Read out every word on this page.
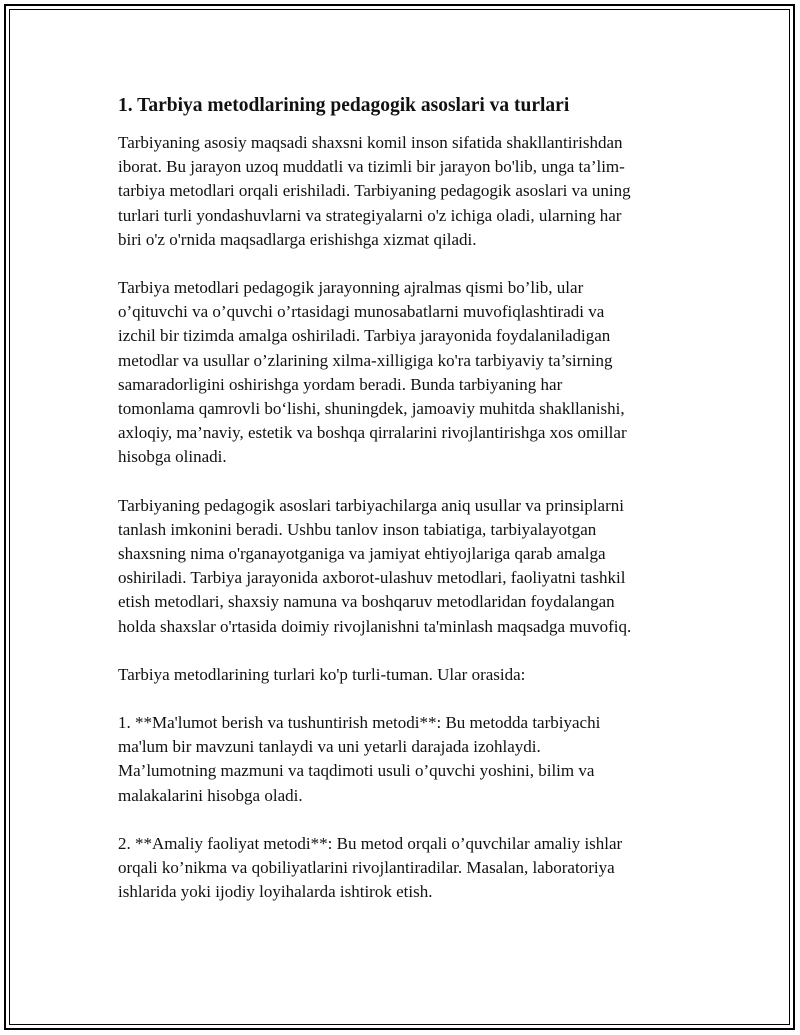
1. Tarbiya metodlarining pedagogik asoslari va turlari
Tarbiyaning asosiy maqsadi shaxsni komil inson sifatida shakllantirishdan
iborat. Bu jarayon uzoq muddatli va tizimli bir jarayon bo'lib, unga ta’lim-
tarbiya metodlari orqali erishiladi. Tarbiyaning pedagogik asoslari va uning
turlari turli yondashuvlarni va strategiyalarni o'z ichiga oladi, ularning har
biri o'z o'rnida maqsadlarga erishishga xizmat qiladi.
Tarbiya metodlari pedagogik jarayonning ajralmas qismi bo’lib, ular
o’qituvchi va o’quvchi o’rtasidagi munosabatlarni muvofiqlashtiradi va
izchil bir tizimda amalga oshiriladi. Tarbiya jarayonida foydalaniladigan
metodlar va usullar o’zlarining xilma-xilligiga ko'ra tarbiyaviy ta’sirning
samaradorligini oshirishga yordam beradi. Bunda tarbiyaning har
tomonlama qamrovli bo‘lishi, shuningdek, jamoaviy muhitda shakllanishi,
axloqiy, ma’naviy, estetik va boshqa qirralarini rivojlantirishga xos omillar
hisobga olinadi.
Tarbiyaning pedagogik asoslari tarbiyachilarga aniq usullar va prinsiplarni
tanlash imkonini beradi. Ushbu tanlov inson tabiatiga, tarbiyalayotgan
shaxsning nima o'rganayotganiga va jamiyat ehtiyojlariga qarab amalga
oshiriladi. Tarbiya jarayonida axborot-ulashuv metodlari, faoliyatni tashkil
etish metodlari, shaxsiy namuna va boshqaruv metodlaridan foydalangan
holda shaxslar o'rtasida doimiy rivojlanishni ta'minlash maqsadga muvofiq.
Tarbiya metodlarining turlari ko'p turli-tuman. Ular orasida:
1. **Ma'lumot berish va tushuntirish metodi**: Bu metodda tarbiyachi
ma'lum bir mavzuni tanlaydi va uni yetarli darajada izohlaydi.
Ma’lumotning mazmuni va taqdimoti usuli o’quvchi yoshini, bilim va
malakalarini hisobga oladi.
2. **Amaliy faoliyat metodi**: Bu metod orqali o’quvchilar amaliy ishlar
orqali ko’nikma va qobiliyatlarini rivojlantiradilar. Masalan, laboratoriya
ishlarida yoki ijodiy loyihalarda ishtirok etish.
